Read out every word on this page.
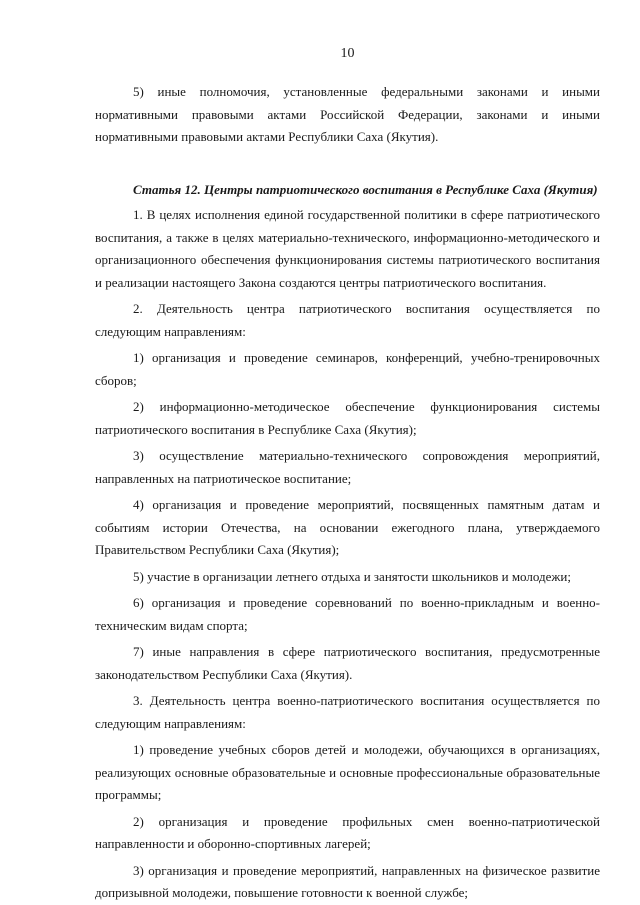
10

5) иные полномочия, установленные федеральными законами и иными нормативными правовыми актами Российской Федерации, законами и иными нормативными правовыми актами Республики Саха (Якутия).

Статья 12. Центры патриотического воспитания в Республике Саха (Якутия)

1. В целях исполнения единой государственной политики в сфере патриотического воспитания, а также в целях материально-технического, информационно-методического и организационного обеспечения функционирования системы патриотического воспитания и реализации настоящего Закона создаются центры патриотического воспитания.

2. Деятельность центра патриотического воспитания осуществляется по следующим направлениям:

1) организация и проведение семинаров, конференций, учебно-тренировочных сборов;

2) информационно-методическое обеспечение функционирования системы патриотического воспитания в Республике Саха (Якутия);

3) осуществление материально-технического сопровождения мероприятий, направленных на патриотическое воспитание;

4) организация и проведение мероприятий, посвященных памятным датам и событиям истории Отечества, на основании ежегодного плана, утверждаемого Правительством Республики Саха (Якутия);

5) участие в организации летнего отдыха и занятости школьников и молодежи;

6) организация и проведение соревнований по военно-прикладным и военно-техническим видам спорта;

7) иные направления в сфере патриотического воспитания, предусмотренные законодательством Республики Саха (Якутия).

3. Деятельность центра военно-патриотического воспитания осуществляется по следующим направлениям:

1) проведение учебных сборов детей и молодежи, обучающихся в организациях, реализующих основные образовательные и основные профессиональные образовательные программы;

2) организация и проведение профильных смен военно-патриотической направленности и оборонно-спортивных лагерей;

3) организация и проведение мероприятий, направленных на физическое развитие допризывной молодежи, повышение готовности к военной службе;
